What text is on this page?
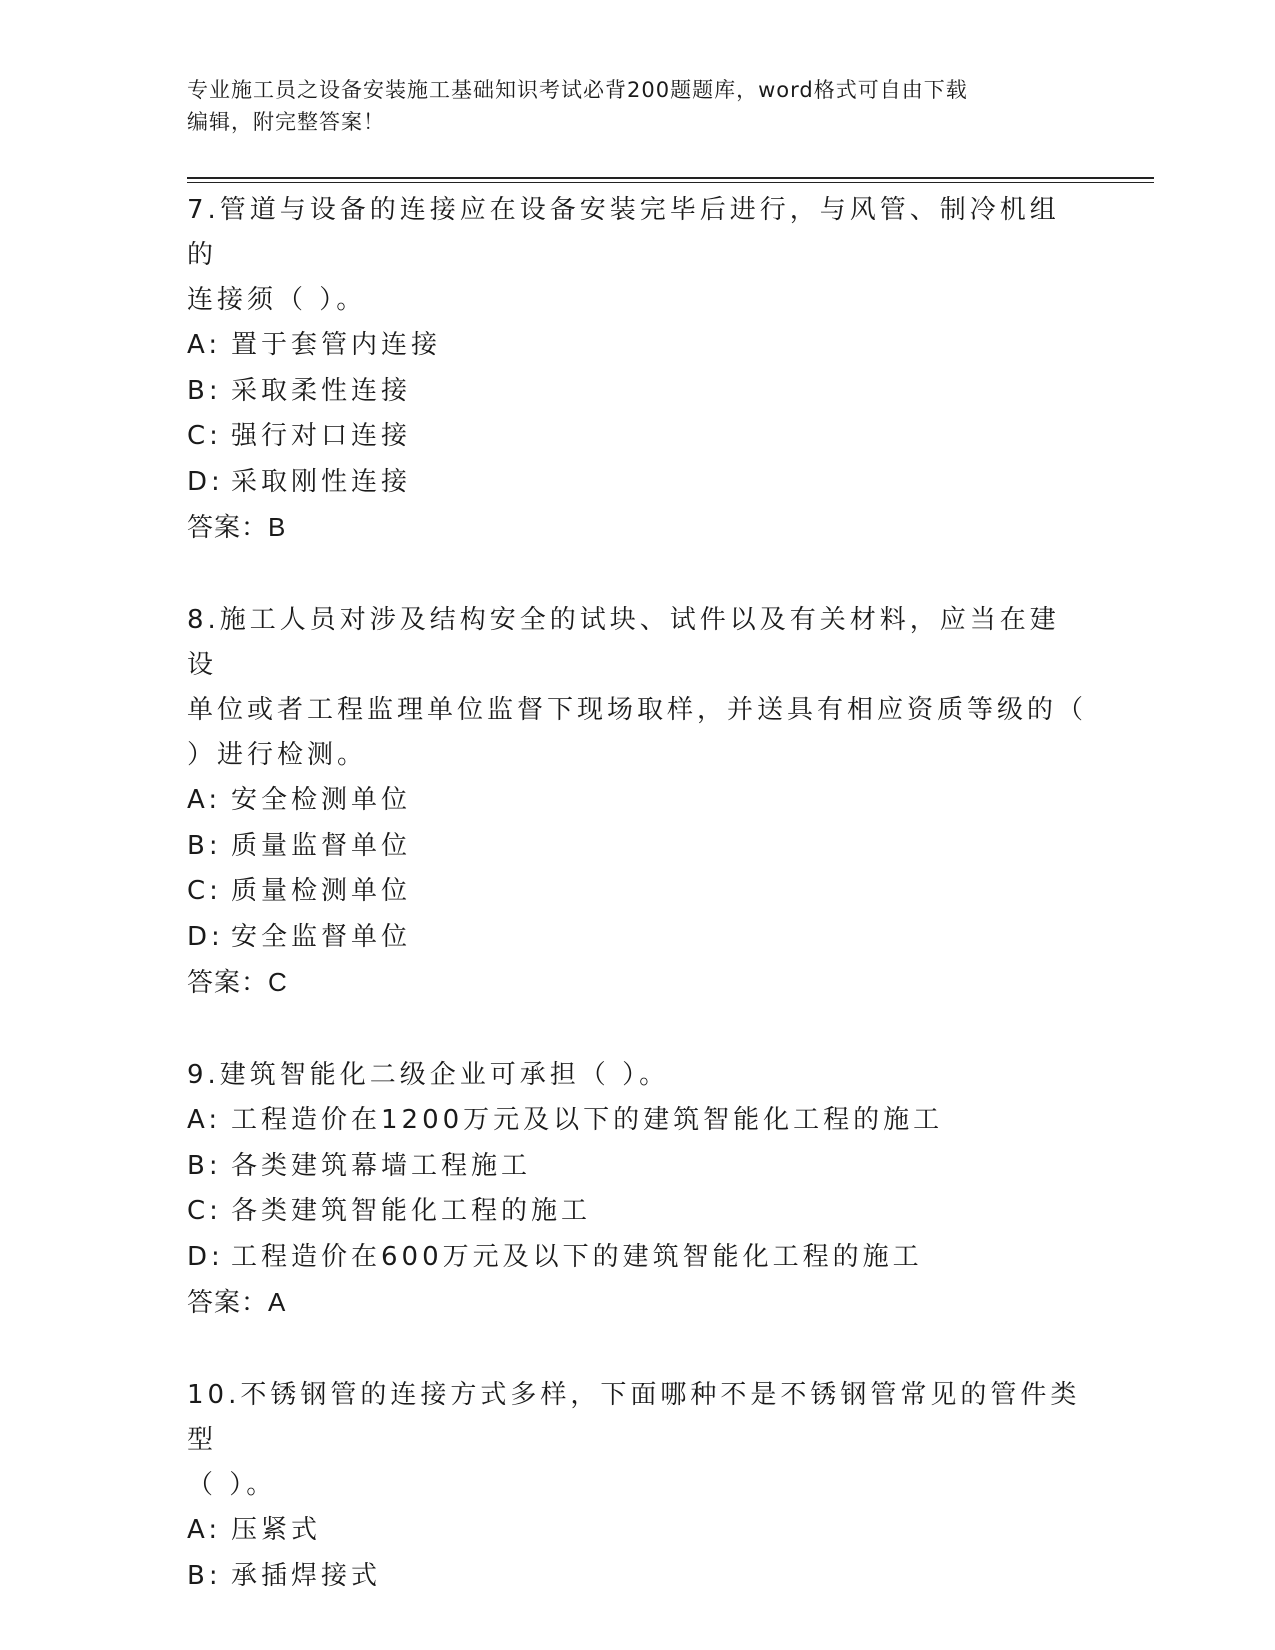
专业施工员之设备安装施工基础知识考试必背200题题库，word格式可自由下载
编辑，附完整答案！

7.管道与设备的连接应在设备安装完毕后进行，与风管、制冷机组的

连接须（ ）。

A: 置于套管内连接

B: 采取柔性连接

C: 强行对口连接

D: 采取刚性连接

答案：B

8.施工人员对涉及结构安全的试块、试件以及有关材料，应当在建设

单位或者工程监理单位监督下现场取样，并送具有相应资质等级的（

）进行检测。

A: 安全检测单位

B: 质量监督单位

C: 质量检测单位

D: 安全监督单位

答案：C

9.建筑智能化二级企业可承担（ ）。

A: 工程造价在1200万元及以下的建筑智能化工程的施工

B: 各类建筑幕墙工程施工

C: 各类建筑智能化工程的施工

D: 工程造价在600万元及以下的建筑智能化工程的施工

答案：A

10.不锈钢管的连接方式多样，下面哪种不是不锈钢管常见的管件类型

（ ）。

A: 压紧式

B: 承插焊接式
